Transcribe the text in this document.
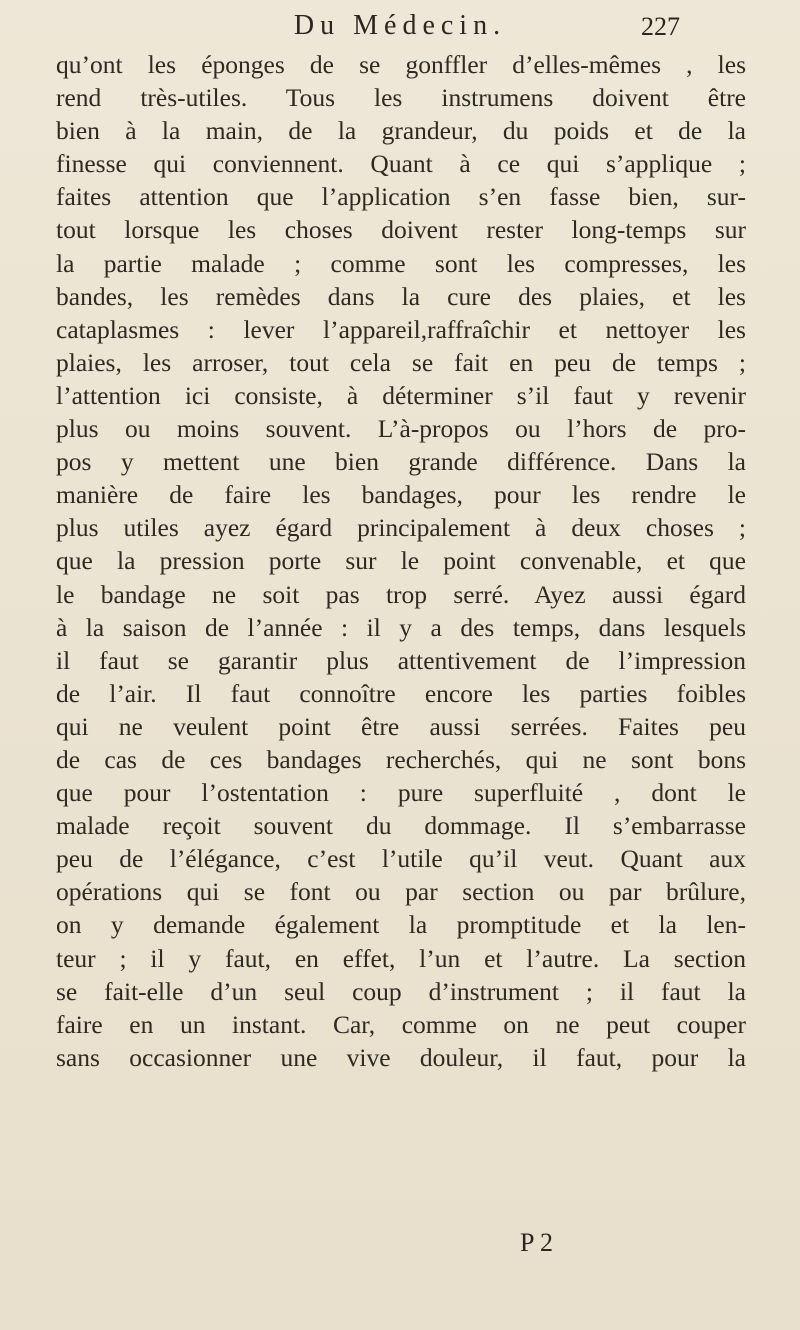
Du Médecin.	227
qu’ont les éponges de se gonffler d’elles-mêmes , les
rend très-utiles. Tous les instrumens doivent être
bien à la main, de la grandeur, du poids et de la
finesse qui conviennent. Quant à ce qui s’applique ;
faites attention que l’application s’en fasse bien, sur-
tout lorsque les choses doivent rester long-temps sur
la partie malade ; comme sont les compresses, les
bandes, les remèdes dans la cure des plaies, et les
cataplasmes : lever l’appareil,raffraîchir et nettoyer les
plaies, les arroser, tout cela se fait en peu de temps ;
l’attention ici consiste, à déterminer s’il faut y revenir
plus ou moins souvent. L’à-propos ou l’hors de pro-
pos y mettent une bien grande différence. Dans la
manière de faire les bandages, pour les rendre le
plus utiles ayez égard principalement à deux choses ;
que la pression porte sur le point convenable, et que
le bandage ne soit pas trop serré. Ayez aussi égard
à la saison de l’année : il y a des temps, dans lesquels
il faut se garantir plus attentivement de l’impression
de l’air. Il faut connoître encore les parties foibles
qui ne veulent point être aussi serrées. Faites peu
de cas de ces bandages recherchés, qui ne sont bons
que pour l’ostentation : pure superfluité , dont le
malade reçoit souvent du dommage. Il s’embarrasse
peu de l’élégance, c’est l’utile qu’il veut. Quant aux
opérations qui se font ou par section ou par brûlure,
on y demande également la promptitude et la len-
teur ; il y faut, en effet, l’un et l’autre. La section
se fait-elle d’un seul coup d’instrument ; il faut la
faire en un instant. Car, comme on ne peut couper
sans occasionner une vive douleur, il faut, pour la
P 2
